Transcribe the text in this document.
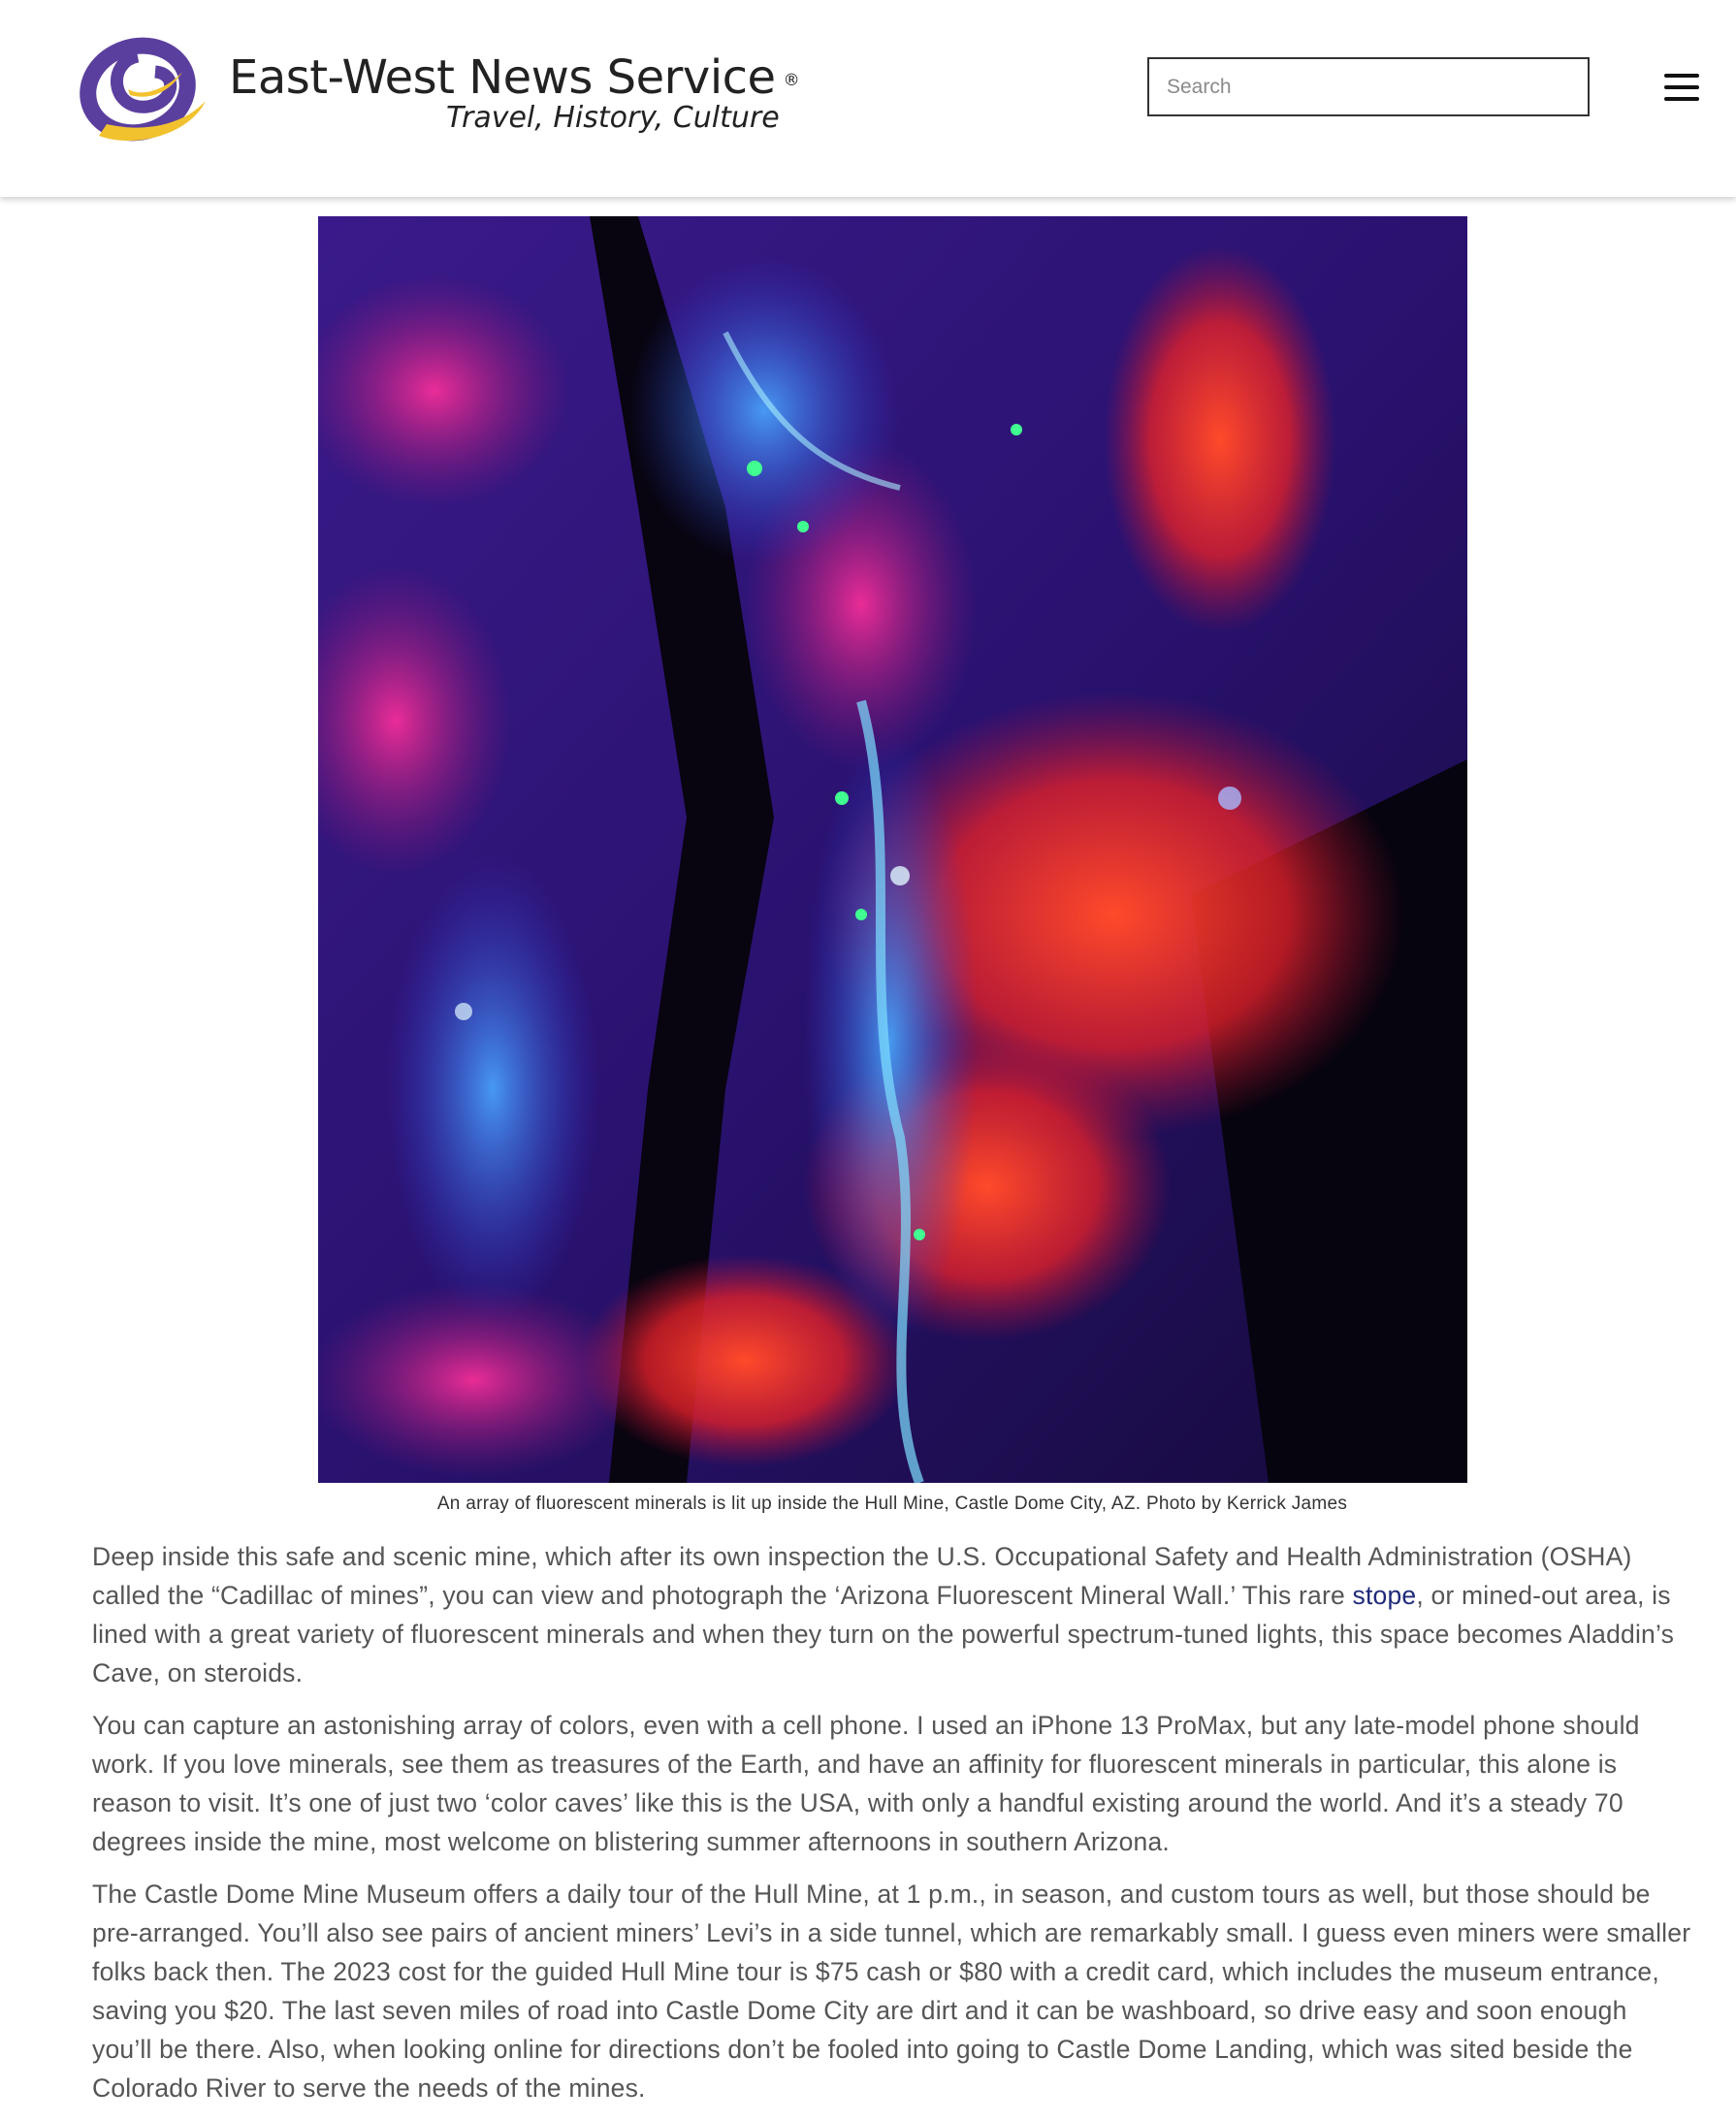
East-West News Service ®
Travel, History, Culture
Search
An array of fluorescent minerals is lit up inside the Hull Mine, Castle Dome City, AZ. Photo by Kerrick James

Deep inside this safe and scenic mine, which after its own inspection the U.S. Occupational Safety and Health Administration (OSHA) called the “Cadillac of mines”, you can view and photograph the ‘Arizona Fluorescent Mineral Wall.’ This rare stope, or mined-out area, is lined with a great variety of fluorescent minerals and when they turn on the powerful spectrum-tuned lights, this space becomes Aladdin’s Cave, on steroids.

You can capture an astonishing array of colors, even with a cell phone. I used an iPhone 13 ProMax, but any late-model phone should work. If you love minerals, see them as treasures of the Earth, and have an affinity for fluorescent minerals in particular, this alone is reason to visit. It’s one of just two ‘color caves’ like this is the USA, with only a handful existing around the world. And it’s a steady 70 degrees inside the mine, most welcome on blistering summer afternoons in southern Arizona.

The Castle Dome Mine Museum offers a daily tour of the Hull Mine, at 1 p.m., in season, and custom tours as well, but those should be pre-arranged. You’ll also see pairs of ancient miners’ Levi’s in a side tunnel, which are remarkably small. I guess even miners were smaller folks back then. The 2023 cost for the guided Hull Mine tour is $75 cash or $80 with a credit card, which includes the museum entrance, saving you $20. The last seven miles of road into Castle Dome City are dirt and it can be washboard, so drive easy and soon enough you’ll be there. Also, when looking online for directions don’t be fooled into going to Castle Dome Landing, which was sited beside the Colorado River to serve the needs of the mines.
